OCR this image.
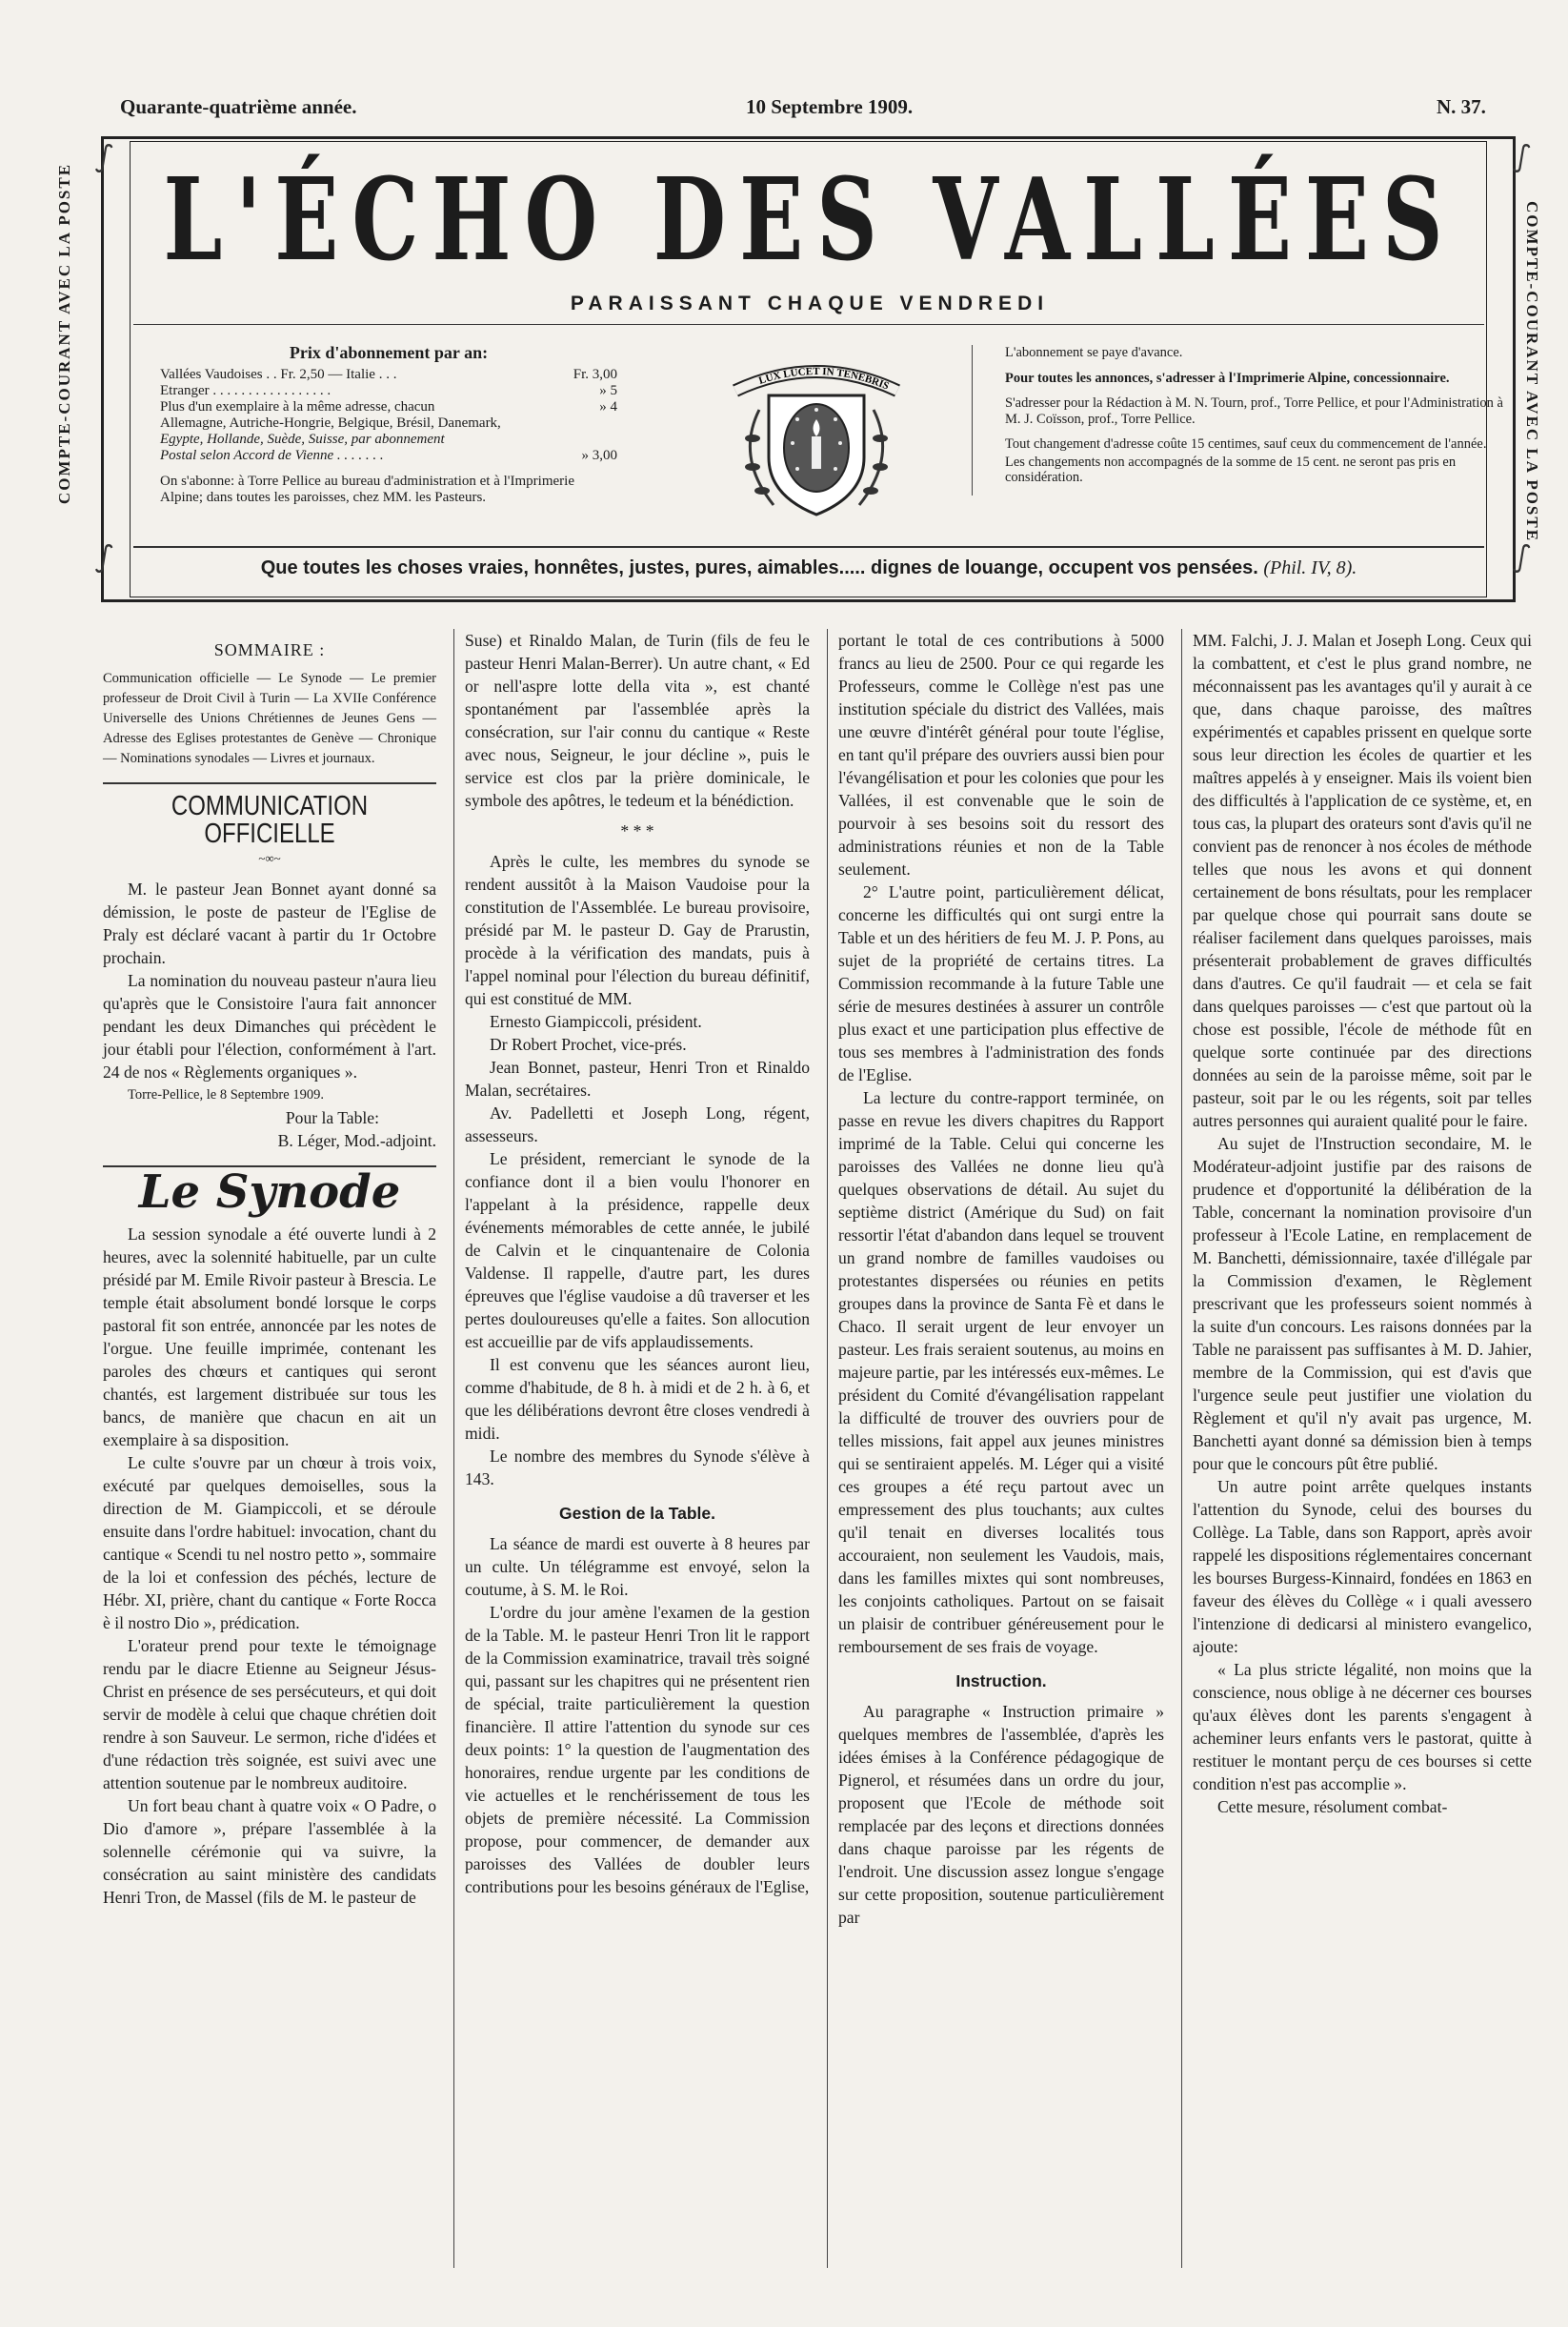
Quarante-quatrième année.	10 Septembre 1909.	N. 37.
COMPTE-COURANT AVEC LA POSTE	COMPTE-COURANT AVEC LA POSTE
ഽ
ഽ
ഽ
ഽ
L'ÉCHO DES VALLÉES
PARAISSANT CHAQUE VENDREDI
Prix d'abonnement par an:
Vallées Vaudoises . . Fr. 2,50 — Italie . . .	Fr. 3,00
Etranger . . . . . . . . . . . . . . . . .	» 5
Plus d'un exemplaire à la même adresse, chacun	» 4
Allemagne, Autriche-Hongrie, Belgique, Brésil, Danemark,
Egypte, Hollande, Suède, Suisse, par abonnement
Postal selon Accord de Vienne . . . . . . .	» 3,00
On s'abonne: à Torre Pellice au bureau d'administration et à l'Imprimerie Alpine; dans toutes les paroisses, chez MM. les Pasteurs.
LUX LUCET IN TENEBRIS

L'abonnement se paye d'avance.

Pour toutes les annonces, s'adresser à l'Imprimerie Alpine, concessionnaire.

S'adresser pour la Rédaction à M. N. Tourn, prof., Torre Pellice, et pour l'Administration à M. J. Coïsson, prof., Torre Pellice.

Tout changement d'adresse coûte 15 centimes, sauf ceux du commencement de l'année.

Les changements non accompagnés de la somme de 15 cent. ne seront pas pris en considération.

Que toutes les choses vraies, honnêtes, justes, pures, aimables..... dignes de louange, occupent vos pensées. (Phil. IV, 8).
SOMMAIRE :
Communication officielle — Le Synode — Le premier professeur de Droit Civil à Turin — La XVIIe Conférence Universelle des Unions Chrétiennes de Jeunes Gens — Adresse des Eglises protestantes de Genève — Chronique — Nominations synodales — Livres et journaux.
COMMUNICATION OFFICIELLE
~∞~

M. le pasteur Jean Bonnet ayant donné sa démission, le poste de pasteur de l'Eglise de Praly est déclaré vacant à partir du 1r Octobre prochain.

La nomination du nouveau pasteur n'aura lieu qu'après que le Consistoire l'aura fait annoncer pendant les deux Dimanches qui précèdent le jour établi pour l'élection, conformément à l'art. 24 de nos « Règlements organiques ».

Torre-Pellice, le 8 Septembre 1909.

Pour la Table:
B. Léger, Mod.-adjoint.
Le Synode

La session synodale a été ouverte lundi à 2 heures, avec la solennité habituelle, par un culte présidé par M. Emile Rivoir pasteur à Brescia. Le temple était absolument bondé lorsque le corps pastoral fit son entrée, annoncée par les notes de l'orgue. Une feuille imprimée, contenant les paroles des chœurs et cantiques qui seront chantés, est largement distribuée sur tous les bancs, de manière que chacun en ait un exemplaire à sa disposition.

Le culte s'ouvre par un chœur à trois voix, exécuté par quelques demoiselles, sous la direction de M. Giampiccoli, et se déroule ensuite dans l'ordre habituel: invocation, chant du cantique « Scendi tu nel nostro petto », sommaire de la loi et confession des péchés, lecture de Hébr. XI, prière, chant du cantique « Forte Rocca è il nostro Dio », prédication.

L'orateur prend pour texte le témoignage rendu par le diacre Etienne au Seigneur Jésus-Christ en présence de ses persécuteurs, et qui doit servir de modèle à celui que chaque chrétien doit rendre à son Sauveur. Le sermon, riche d'idées et d'une rédaction très soignée, est suivi avec une attention soutenue par le nombreux auditoire.

Un fort beau chant à quatre voix « O Padre, o Dio d'amore », prépare l'assemblée à la solennelle cérémonie qui va suivre, la consécration au saint ministère des candidats Henri Tron, de Massel (fils de M. le pasteur de

Suse) et Rinaldo Malan, de Turin (fils de feu le pasteur Henri Malan-Berrer). Un autre chant, « Ed or nell'aspre lotte della vita », est chanté spontanément par l'assemblée après la consécration, sur l'air connu du cantique « Reste avec nous, Seigneur, le jour décline », puis le service est clos par la prière dominicale, le symbole des apôtres, le tedeum et la bénédiction.

* * *

Après le culte, les membres du synode se rendent aussitôt à la Maison Vaudoise pour la constitution de l'Assemblée. Le bureau provisoire, présidé par M. le pasteur D. Gay de Prarustin, procède à la vérification des mandats, puis à l'appel nominal pour l'élection du bureau définitif, qui est constitué de MM.

Ernesto Giampiccoli, président.

Dr Robert Prochet, vice-prés.

Jean Bonnet, pasteur, Henri Tron et Rinaldo Malan, secrétaires.

Av. Padelletti et Joseph Long, régent, assesseurs.

Le président, remerciant le synode de la confiance dont il a bien voulu l'honorer en l'appelant à la présidence, rappelle deux événements mémorables de cette année, le jubilé de Calvin et le cinquantenaire de Colonia Valdense. Il rappelle, d'autre part, les dures épreuves que l'église vaudoise a dû traverser et les pertes douloureuses qu'elle a faites. Son allocution est accueillie par de vifs applaudissements.

Il est convenu que les séances auront lieu, comme d'habitude, de 8 h. à midi et de 2 h. à 6, et que les délibérations devront être closes vendredi à midi.

Le nombre des membres du Synode s'élève à 143.

Gestion de la Table.

La séance de mardi est ouverte à 8 heures par un culte. Un télégramme est envoyé, selon la coutume, à S. M. le Roi.

L'ordre du jour amène l'examen de la gestion de la Table. M. le pasteur Henri Tron lit le rapport de la Commission examinatrice, travail très soigné qui, passant sur les chapitres qui ne présentent rien de spécial, traite particulièrement la question financière. Il attire l'attention du synode sur ces deux points: 1° la question de l'augmentation des honoraires, rendue urgente par les conditions de vie actuelles et le renchérissement de tous les objets de première nécessité. La Commission propose, pour commencer, de demander aux paroisses des Vallées de doubler leurs contributions pour les besoins généraux de l'Eglise,

portant le total de ces contributions à 5000 francs au lieu de 2500. Pour ce qui regarde les Professeurs, comme le Collège n'est pas une institution spéciale du district des Vallées, mais une œuvre d'intérêt général pour toute l'église, en tant qu'il prépare des ouvriers aussi bien pour l'évangélisation et pour les colonies que pour les Vallées, il est convenable que le soin de pourvoir à ses besoins soit du ressort des administrations réunies et non de la Table seulement.

2° L'autre point, particulièrement délicat, concerne les difficultés qui ont surgi entre la Table et un des héritiers de feu M. J. P. Pons, au sujet de la propriété de certains titres. La Commission recommande à la future Table une série de mesures destinées à assurer un contrôle plus exact et une participation plus effective de tous ses membres à l'administration des fonds de l'Eglise.

La lecture du contre-rapport terminée, on passe en revue les divers chapitres du Rapport imprimé de la Table. Celui qui concerne les paroisses des Vallées ne donne lieu qu'à quelques observations de détail. Au sujet du septième district (Amérique du Sud) on fait ressortir l'état d'abandon dans lequel se trouvent un grand nombre de familles vaudoises ou protestantes dispersées ou réunies en petits groupes dans la province de Santa Fè et dans le Chaco. Il serait urgent de leur envoyer un pasteur. Les frais seraient soutenus, au moins en majeure partie, par les intéressés eux-mêmes. Le président du Comité d'évangélisation rappelant la difficulté de trouver des ouvriers pour de telles missions, fait appel aux jeunes ministres qui se sentiraient appelés. M. Léger qui a visité ces groupes a été reçu partout avec un empressement des plus touchants; aux cultes qu'il tenait en diverses localités tous accouraient, non seulement les Vaudois, mais, dans les familles mixtes qui sont nombreuses, les conjoints catholiques. Partout on se faisait un plaisir de contribuer généreusement pour le remboursement de ses frais de voyage.

Instruction.

Au paragraphe « Instruction primaire » quelques membres de l'assemblée, d'après les idées émises à la Conférence pédagogique de Pignerol, et résumées dans un ordre du jour, proposent que l'Ecole de méthode soit remplacée par des leçons et directions données dans chaque paroisse par les régents de l'endroit. Une discussion assez longue s'engage sur cette proposition, soutenue particulièrement par

MM. Falchi, J. J. Malan et Joseph Long. Ceux qui la combattent, et c'est le plus grand nombre, ne méconnaissent pas les avantages qu'il y aurait à ce que, dans chaque paroisse, des maîtres expérimentés et capables prissent en quelque sorte sous leur direction les écoles de quartier et les maîtres appelés à y enseigner. Mais ils voient bien des difficultés à l'application de ce système, et, en tous cas, la plupart des orateurs sont d'avis qu'il ne convient pas de renoncer à nos écoles de méthode telles que nous les avons et qui donnent certainement de bons résultats, pour les remplacer par quelque chose qui pourrait sans doute se réaliser facilement dans quelques paroisses, mais présenterait probablement de graves difficultés dans d'autres. Ce qu'il faudrait — et cela se fait dans quelques paroisses — c'est que partout où la chose est possible, l'école de méthode fût en quelque sorte continuée par des directions données au sein de la paroisse même, soit par le pasteur, soit par le ou les régents, soit par telles autres personnes qui auraient qualité pour le faire.

Au sujet de l'Instruction secondaire, M. le Modérateur-adjoint justifie par des raisons de prudence et d'opportunité la délibération de la Table, concernant la nomination provisoire d'un professeur à l'Ecole Latine, en remplacement de M. Banchetti, démissionnaire, taxée d'illégale par la Commission d'examen, le Règlement prescrivant que les professeurs soient nommés à la suite d'un concours. Les raisons données par la Table ne paraissent pas suffisantes à M. D. Jahier, membre de la Commission, qui est d'avis que l'urgence seule peut justifier une violation du Règlement et qu'il n'y avait pas urgence, M. Banchetti ayant donné sa démission bien à temps pour que le concours pût être publié.

Un autre point arrête quelques instants l'attention du Synode, celui des bourses du Collège. La Table, dans son Rapport, après avoir rappelé les dispositions réglementaires concernant les bourses Burgess-Kinnaird, fondées en 1863 en faveur des élèves du Collège « i quali avessero l'intenzione di dedicarsi al ministero evangelico, ajoute:

« La plus stricte légalité, non moins que la conscience, nous oblige à ne décerner ces bourses qu'aux élèves dont les parents s'engagent à acheminer leurs enfants vers le pastorat, quitte à restituer le montant perçu de ces bourses si cette condition n'est pas accomplie ».

Cette mesure, résolument combat-
